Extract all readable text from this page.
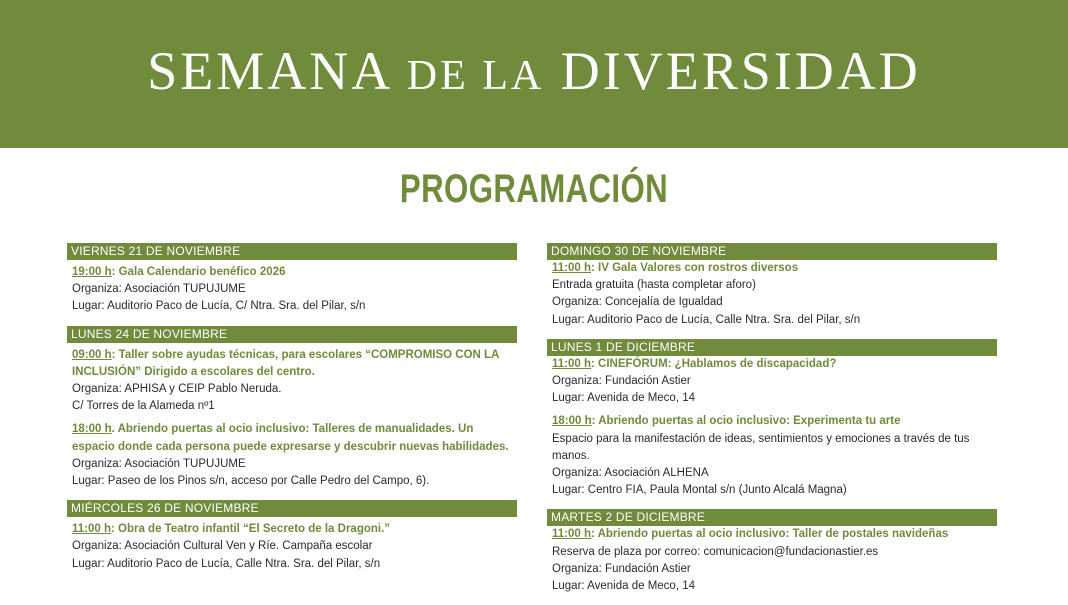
SEMANA DE LA DIVERSIDAD
PROGRAMACIÓN
VIERNES 21 DE NOVIEMBRE
19:00 h: Gala Calendario benéfico 2026
Organiza: Asociación TUPUJUME
Lugar: Auditorio Paco de Lucía, C/ Ntra. Sra. del Pilar, s/n
LUNES 24 DE NOVIEMBRE
09:00 h: Taller sobre ayudas técnicas, para escolares “COMPROMISO CON LA INCLUSIÓN” Dirigido a escolares del centro.
Organiza: APHISA y CEIP Pablo Neruda.
C/ Torres de la Alameda nº1
18:00 h. Abriendo puertas al ocio inclusivo: Talleres de manualidades. Un espacio donde cada persona puede expresarse y descubrir nuevas habilidades.
Organiza: Asociación TUPUJUME
Lugar: Paseo de los Pinos s/n, acceso por Calle Pedro del Campo, 6).
MIÉRCOLES 26 DE NOVIEMBRE
11:00 h: Obra de Teatro infantil “El Secreto de la Dragoni.”
Organiza: Asociación Cultural Ven y Ríe. Campaña escolar
Lugar: Auditorio Paco de Lucía, Calle Ntra. Sra. del Pilar, s/n
DOMINGO 30 DE NOVIEMBRE
11:00 h: IV Gala Valores con rostros diversos
Entrada gratuita (hasta completar aforo)
Organiza: Concejalía de Igualdad
Lugar: Auditorio Paco de Lucía, Calle Ntra. Sra. del Pilar, s/n
LUNES 1 DE DICIEMBRE
11:00 h: CINEFÓRUM: ¿Hablamos de discapacidad?
Organiza: Fundación Astier
Lugar: Avenida de Meco, 14
18:00 h: Abriendo puertas al ocio inclusivo: Experimenta tu arte
Espacio para la manifestación de ideas, sentimientos y emociones a través de tus manos.
Organiza: Asociación ALHENA
Lugar: Centro FIA, Paula Montal s/n (Junto Alcalá Magna)
MARTES 2 DE DICIEMBRE
11:00 h: Abriendo puertas al ocio inclusivo: Taller de postales navideñas
Reserva de plaza por correo: comunicacion@fundacionastier.es
Organiza: Fundación Astier
Lugar: Avenida de Meco, 14
